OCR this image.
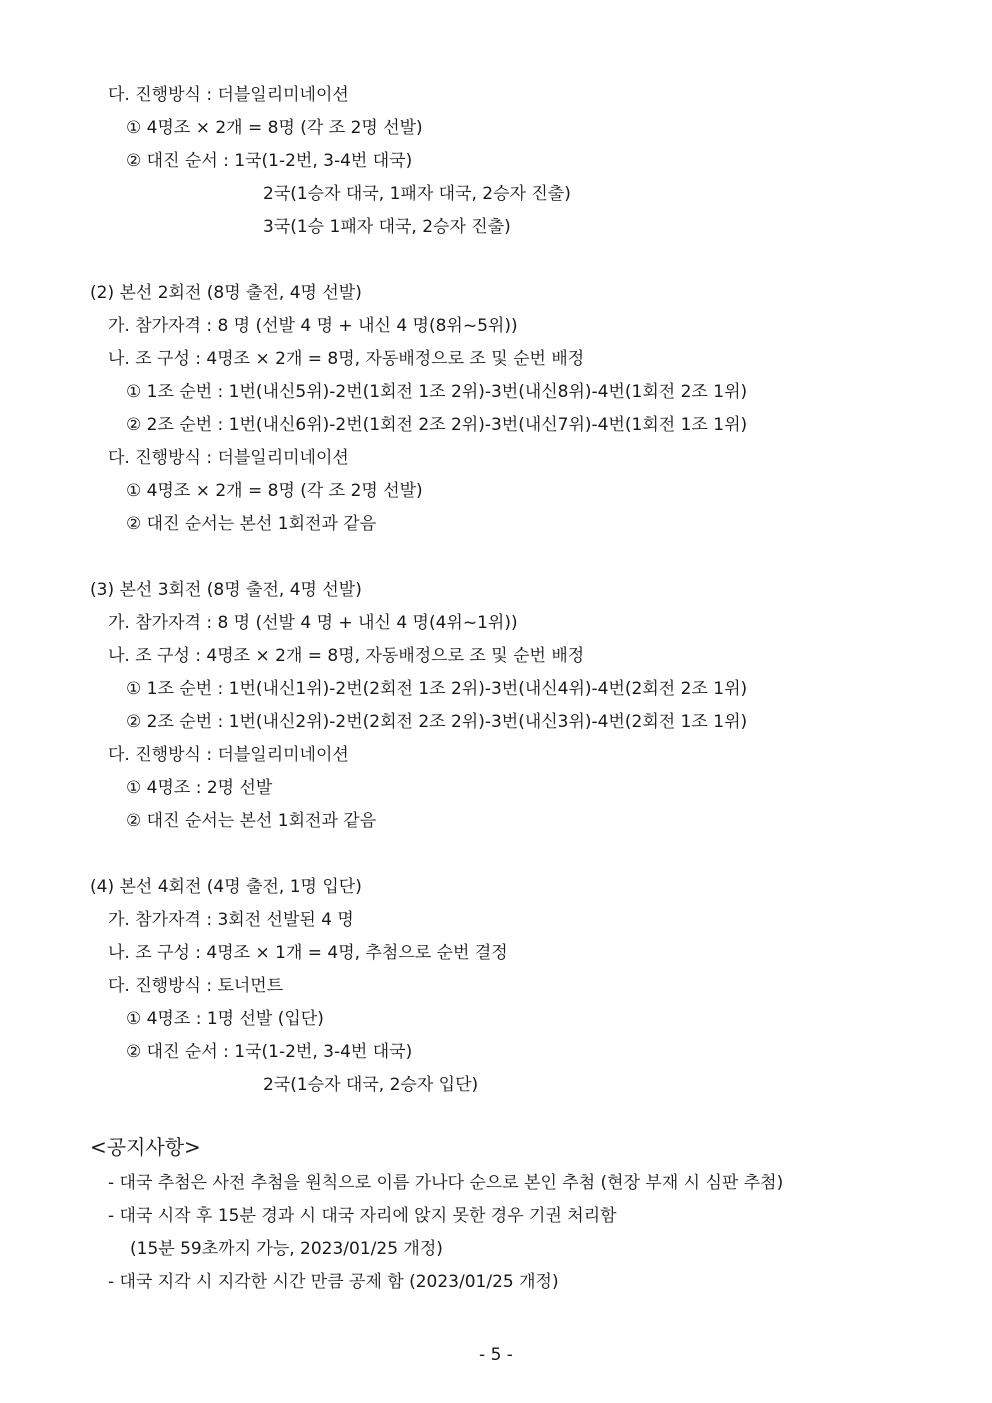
다. 진행방식 : 더블일리미네이션
① 4명조 × 2개 = 8명 (각 조 2명 선발)
② 대진 순서 : 1국(1-2번, 3-4번 대국)
2국(1승자 대국, 1패자 대국, 2승자 진출)
3국(1승 1패자 대국, 2승자 진출)
(2) 본선 2회전 (8명 출전, 4명 선발)
가. 참가자격 : 8 명 (선발 4 명 + 내신 4 명(8위~5위))
나. 조 구성 : 4명조 × 2개 = 8명, 자동배정으로 조 및 순번 배정
① 1조 순번 : 1번(내신5위)-2번(1회전 1조 2위)-3번(내신8위)-4번(1회전 2조 1위)
② 2조 순번 : 1번(내신6위)-2번(1회전 2조 2위)-3번(내신7위)-4번(1회전 1조 1위)
다. 진행방식 : 더블일리미네이션
① 4명조 × 2개 = 8명 (각 조 2명 선발)
② 대진 순서는 본선 1회전과 같음
(3) 본선 3회전 (8명 출전, 4명 선발)
가. 참가자격 : 8 명 (선발 4 명 + 내신 4 명(4위~1위))
나. 조 구성 : 4명조 × 2개 = 8명, 자동배정으로 조 및 순번 배정
① 1조 순번 : 1번(내신1위)-2번(2회전 1조 2위)-3번(내신4위)-4번(2회전 2조 1위)
② 2조 순번 : 1번(내신2위)-2번(2회전 2조 2위)-3번(내신3위)-4번(2회전 1조 1위)
다. 진행방식 : 더블일리미네이션
① 4명조 : 2명 선발
② 대진 순서는 본선 1회전과 같음
(4) 본선 4회전 (4명 출전, 1명 입단)
가. 참가자격 : 3회전 선발된 4 명
나. 조 구성 : 4명조 × 1개 = 4명, 추첨으로 순번 결정
다. 진행방식 : 토너먼트
① 4명조 : 1명 선발 (입단)
② 대진 순서 : 1국(1-2번, 3-4번 대국)
2국(1승자 대국, 2승자 입단)
<공지사항>
- 대국 추첨은 사전 추첨을 원칙으로 이름 가나다 순으로 본인 추첨 (현장 부재 시 심판 추첨)
- 대국 시작 후 15분 경과 시 대국 자리에 앉지 못한 경우 기권 처리함
(15분 59초까지 가능, 2023/01/25 개정)
- 대국 지각 시 지각한 시간 만큼 공제 함 (2023/01/25 개정)
- 5 -
